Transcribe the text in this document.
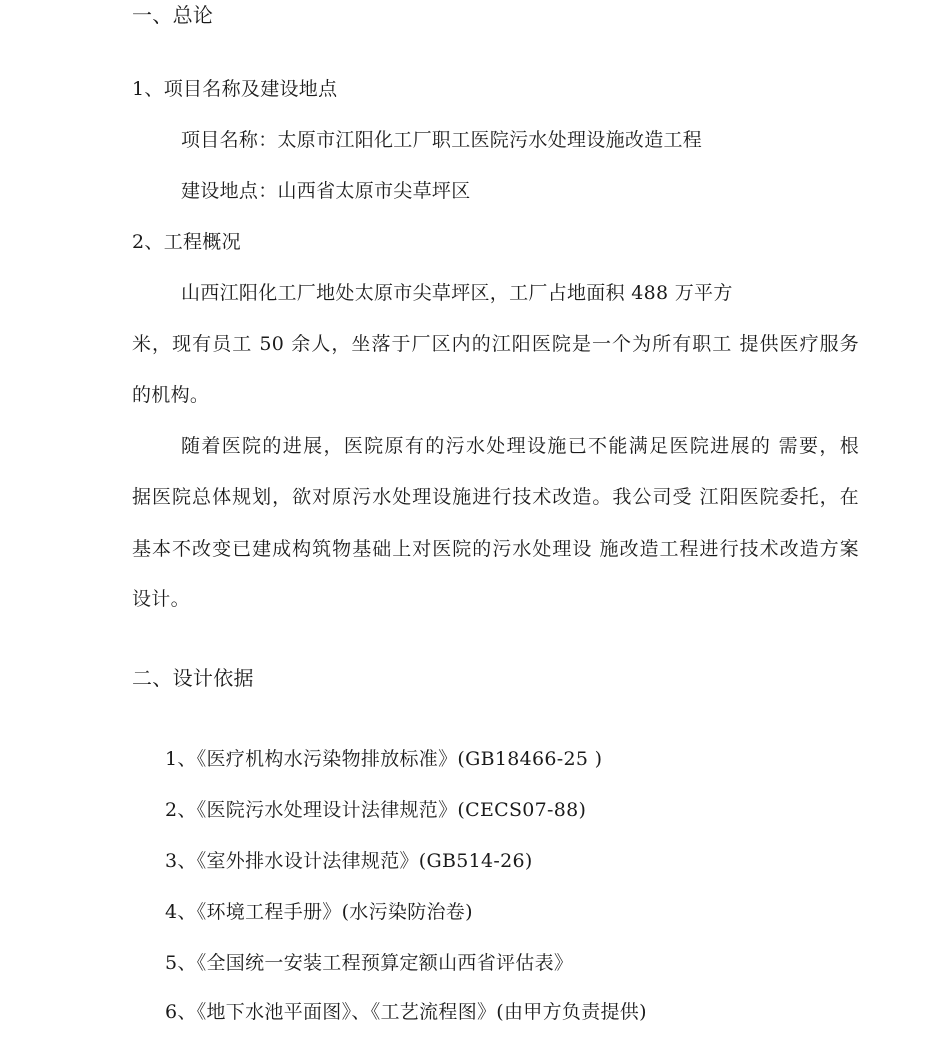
一、总论
1、项目名称及建设地点
项目名称：太原市江阳化工厂职工医院污水处理设施改造工程
建设地点：山西省太原市尖草坪区
2、工程概况
山西江阳化工厂地处太原市尖草坪区，工厂占地面积 488 万平方
米，现有员工 50 余人，坐落于厂区内的江阳医院是一个为所有职工 提供医疗服务
的机构。
随着医院的进展，医院原有的污水处理设施已不能满足医院进展的 需要，根
据医院总体规划，欲对原污水处理设施进行技术改造。我公司受 江阳医院委托，在
基本不改变已建成构筑物基础上对医院的污水处理设 施改造工程进行技术改造方案
设计。
二、设计依据
1、《医疗机构水污染物排放标准》(GB18466-25 )
2、《医院污水处理设计法律规范》(CECS07-88)
3、《室外排水设计法律规范》(GB514-26)
4、《环境工程手册》(水污染防治卷)
5、《全国统一安装工程预算定额山西省评估表》
6、《地下水池平面图》、《工艺流程图》(由甲方负责提供)
